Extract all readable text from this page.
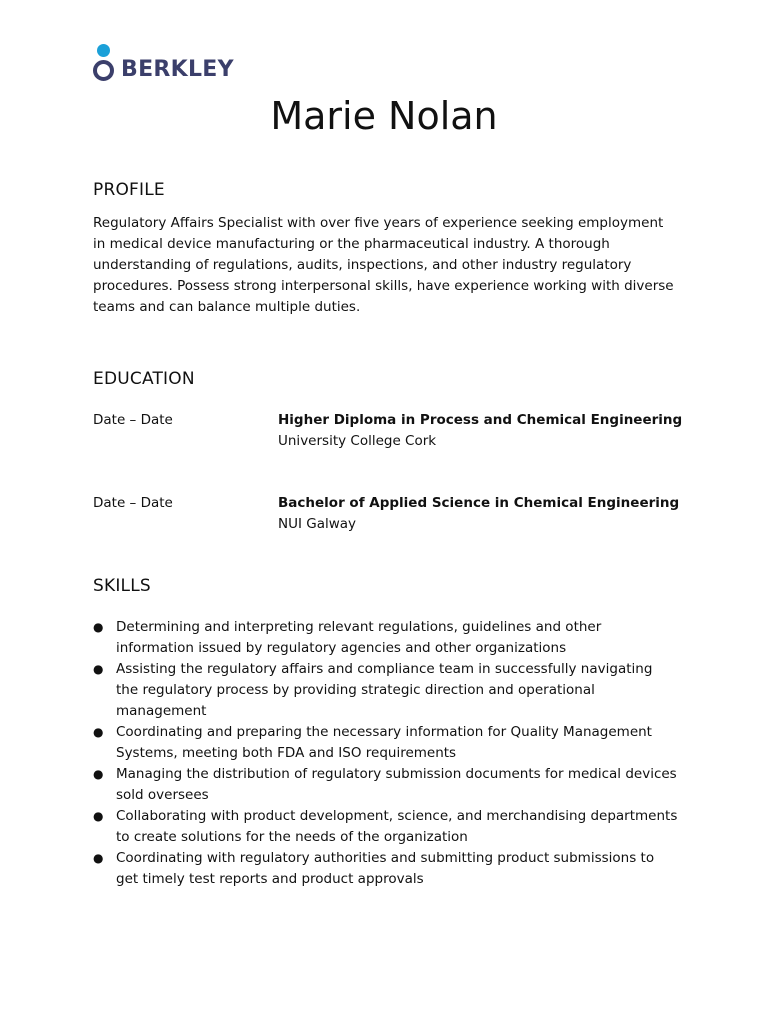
BERKLEY
Marie Nolan
PROFILE

Regulatory Affairs Specialist with over five years of experience seeking employment in medical device manufacturing or the pharmaceutical industry. A thorough understanding of regulations, audits, inspections, and other industry regulatory procedures. Possess strong interpersonal skills, have experience working with diverse teams and can balance multiple duties.

EDUCATION
Date – Date	Higher Diploma in Process and Chemical Engineering
University College Cork
Date – Date	Bachelor of Applied Science in Chemical Engineering
NUI Galway
SKILLS
● Determining and interpreting relevant regulations, guidelines and other information issued by regulatory agencies and other organizations
● Assisting the regulatory affairs and compliance team in successfully navigating the regulatory process by providing strategic direction and operational management
● Coordinating and preparing the necessary information for Quality Management Systems, meeting both FDA and ISO requirements
● Managing the distribution of regulatory submission documents for medical devices sold oversees
● Collaborating with product development, science, and merchandising departments to create solutions for the needs of the organization
● Coordinating with regulatory authorities and submitting product submissions to get timely test reports and product approvals
